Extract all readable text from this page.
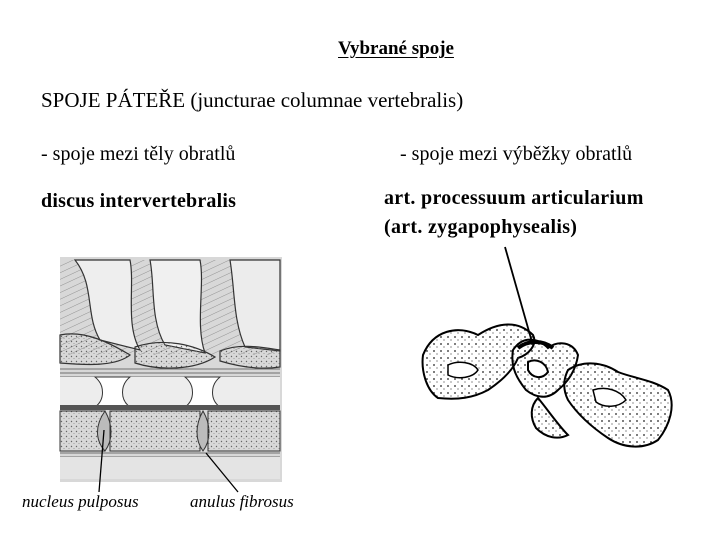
Vybrané spoje
SPOJE PÁTEŘE (juncturae columnae vertebralis)
- spoje mezi těly obratlů	- spoje mezi výběžky obratlů
discus intervertebralis	art. processuum articularium
(art. zygapophysealis)
nucleus pulposus	anulus fibrosus
